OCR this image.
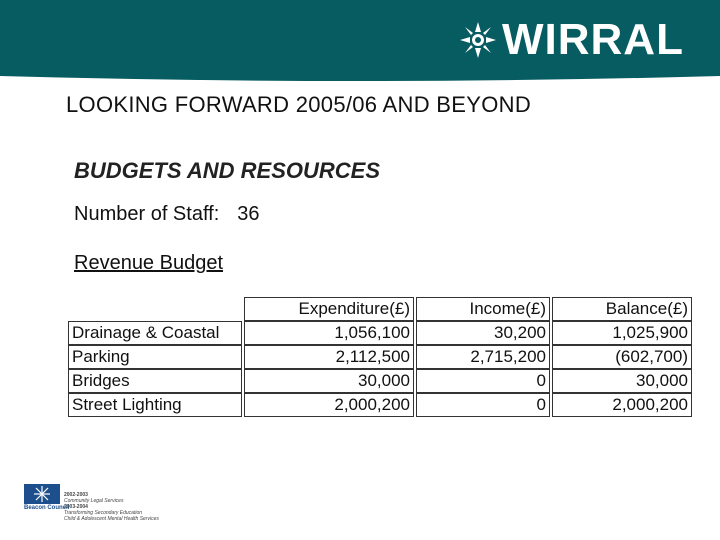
WIRRAL
LOOKING FORWARD 2005/06 AND BEYOND
BUDGETS AND RESOURCES
Number of Staff: 36
Revenue Budget
		Expenditure(£)		Income(£)		Balance(£)
Drainage & Coastal		1,056,100		30,200		1,025,900
Parking		2,112,500		2,715,200		(602,700)
Bridges		30,000		0		30,000
Street Lighting		2,000,200		0		2,000,200
Beacon Council
2002-2003
Community Legal Services
2003-2004
Transforming Secondary Education
Child & Adolescent Mental Health Services
